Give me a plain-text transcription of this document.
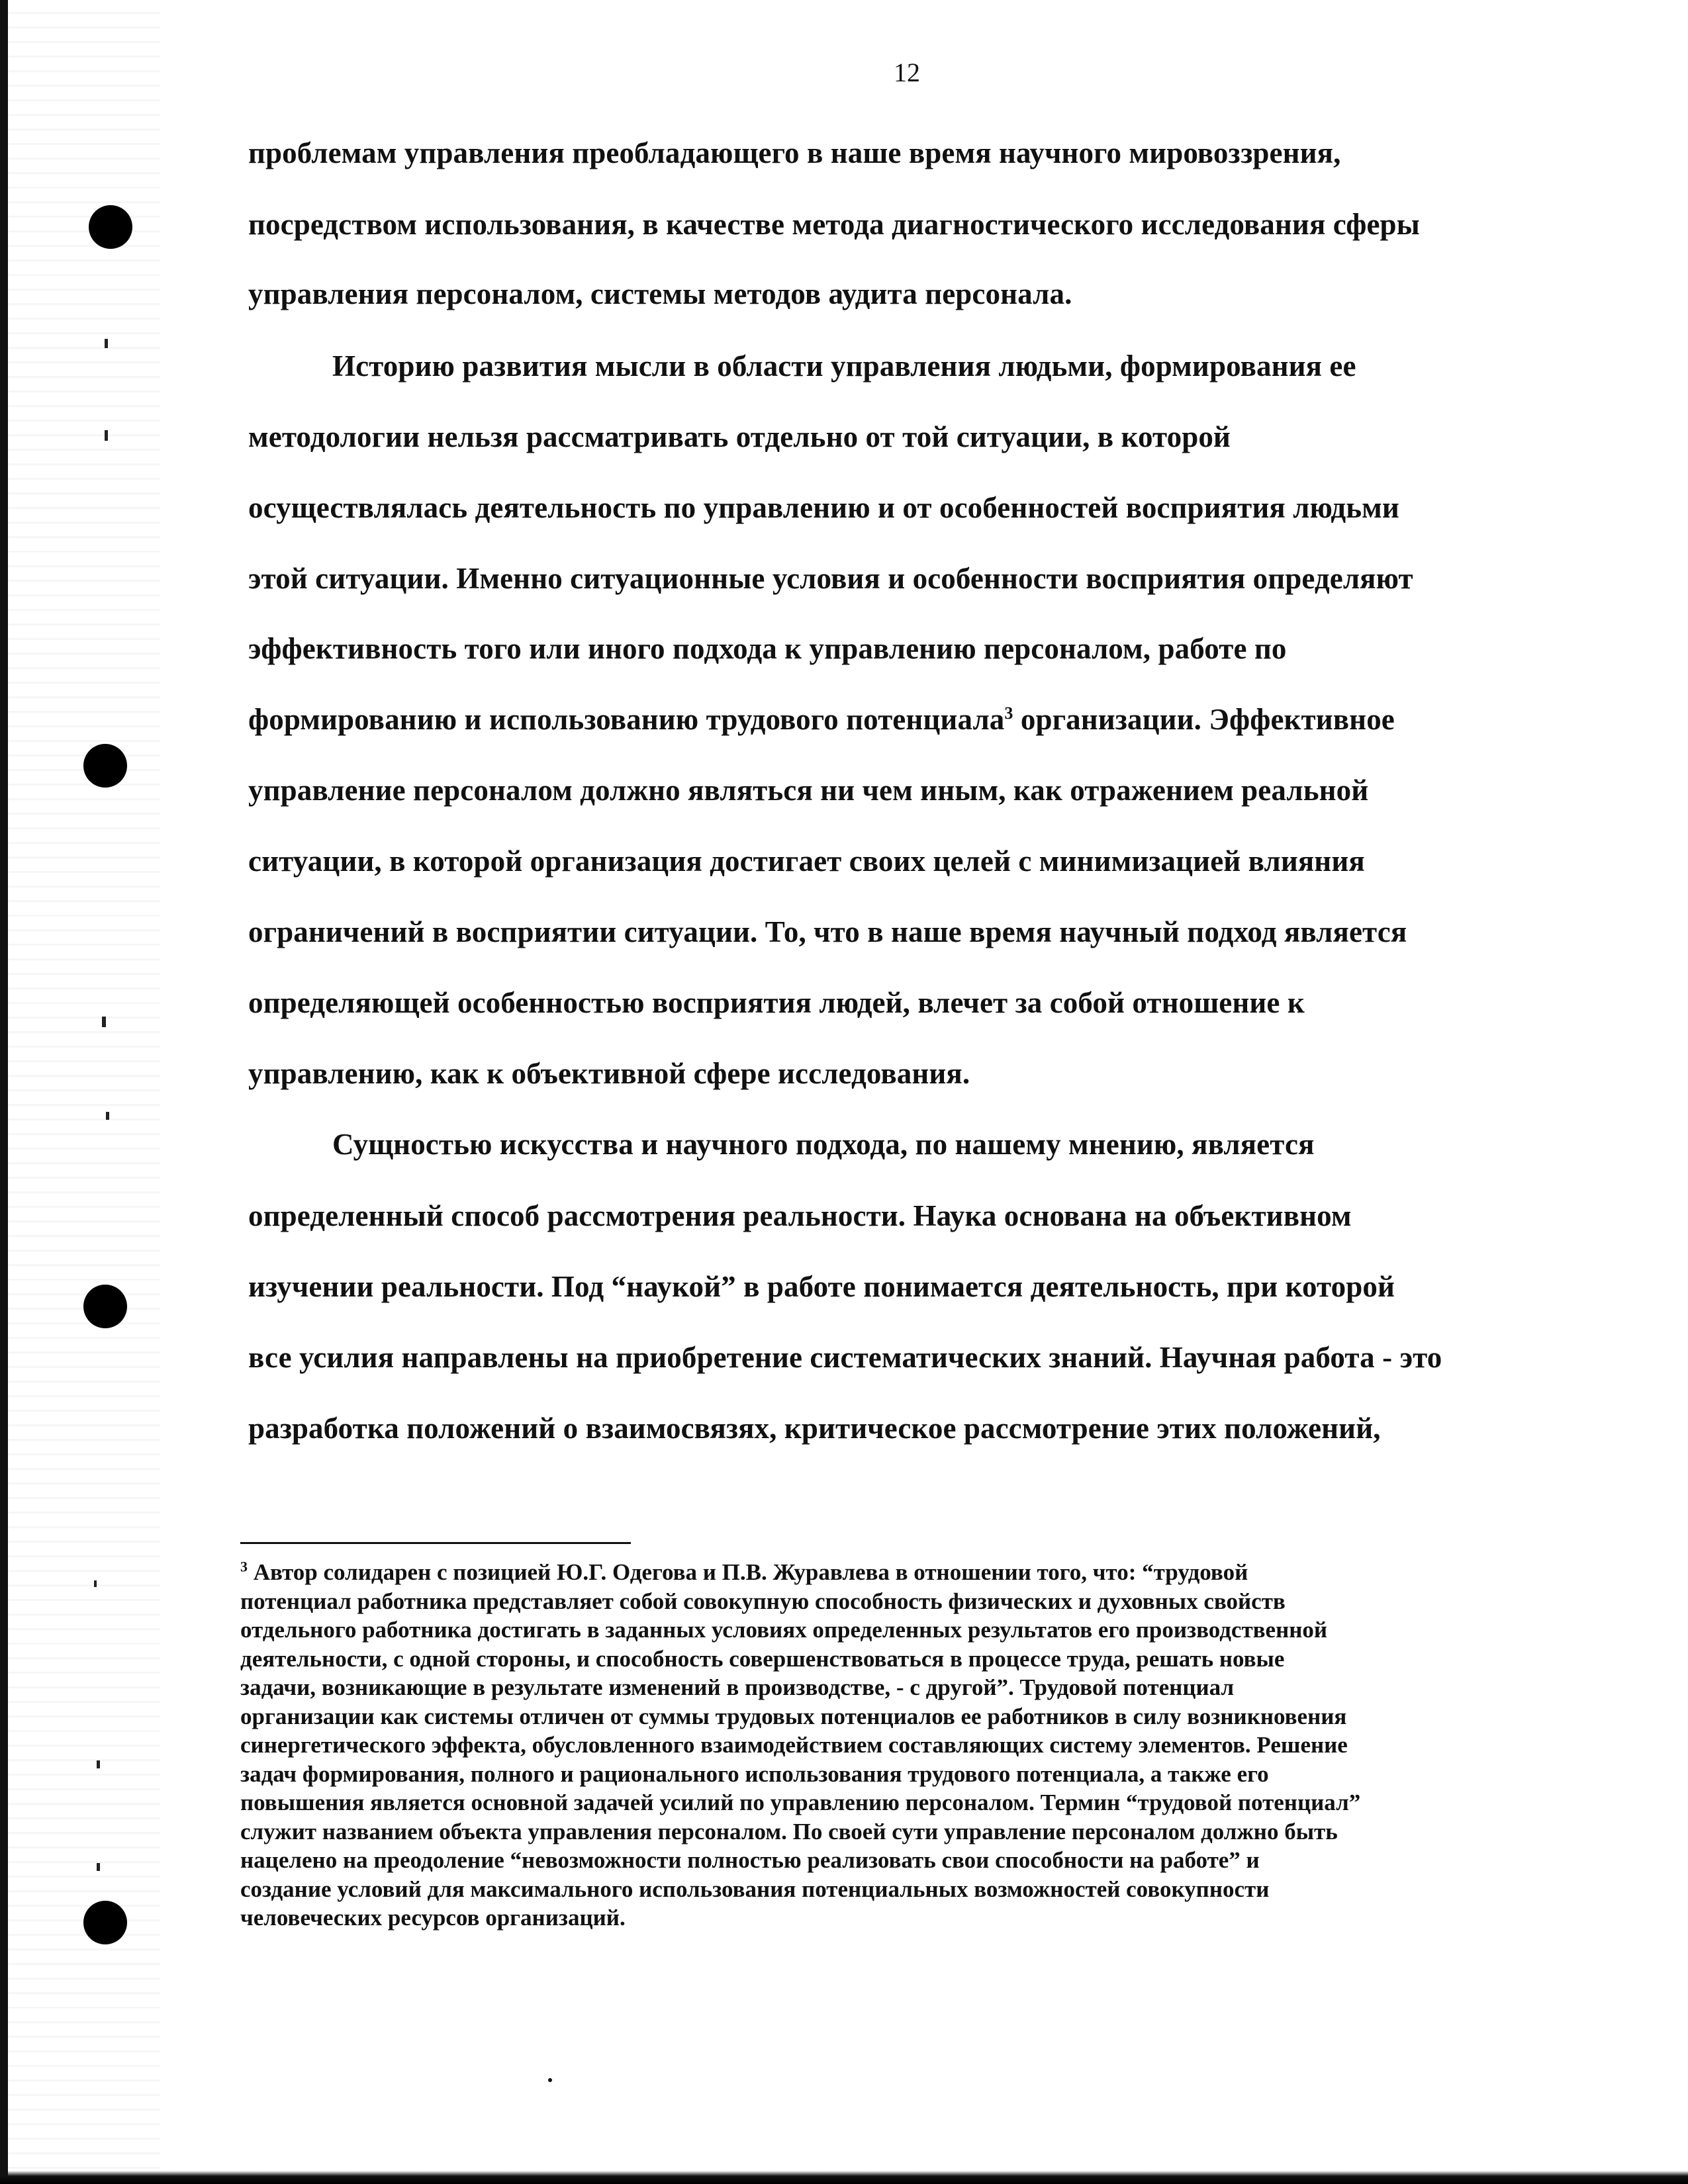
12
проблемам управления преобладающего в наше время научного мировоззрения,
посредством использования, в качестве метода диагностического исследования сферы
управления персоналом, системы методов аудита персонала.
Историю развития мысли в области управления людьми, формирования ее
методологии нельзя рассматривать отдельно от той ситуации, в которой
осуществлялась деятельность по управлению и от особенностей восприятия людьми
этой ситуации. Именно ситуационные условия и особенности восприятия определяют
эффективность того или иного подхода к управлению персоналом, работе по
формированию и использованию трудового потенциала$^3$ организации. Эффективное
управление персоналом должно являться ни чем иным, как отражением реальной
ситуации, в которой организация достигает своих целей с минимизацией влияния
ограничений в восприятии ситуации. То, что в наше время научный подход является
определяющей особенностью восприятия людей, влечет за собой отношение к
управлению, как к объективной сфере исследования.
Сущностью искусства и научного подхода, по нашему мнению, является
определенный способ рассмотрения реальности. Наука основана на объективном
изучении реальности. Под “наукой” в работе понимается деятельность, при которой
все усилия направлены на приобретение систематических знаний. Научная работа - это
разработка положений о взаимосвязях, критическое рассмотрение этих положений,
$^3$ Автор солидарен с позицией Ю.Г. Одегова и П.В. Журавлева в отношении того, что: “трудовой
потенциал работника представляет собой совокупную способность физических и духовных свойств
отдельного работника достигать в заданных условиях определенных результатов его производственной
деятельности, с одной стороны, и способность совершенствоваться в процессе труда, решать новые
задачи, возникающие в результате изменений в производстве, - с другой”. Трудовой потенциал
организации как системы отличен от суммы трудовых потенциалов ее работников в силу возникновения
синергетического эффекта, обусловленного взаимодействием составляющих систему элементов. Решение
задач формирования, полного и рационального использования трудового потенциала, а также его
повышения является основной задачей усилий по управлению персоналом. Термин “трудовой потенциал”
служит названием объекта управления персоналом. По своей сути управление персоналом должно быть
нацелено на преодоление “невозможности полностью реализовать свои способности на работе” и
создание условий для максимального использования потенциальных возможностей совокупности
человеческих ресурсов организаций.
